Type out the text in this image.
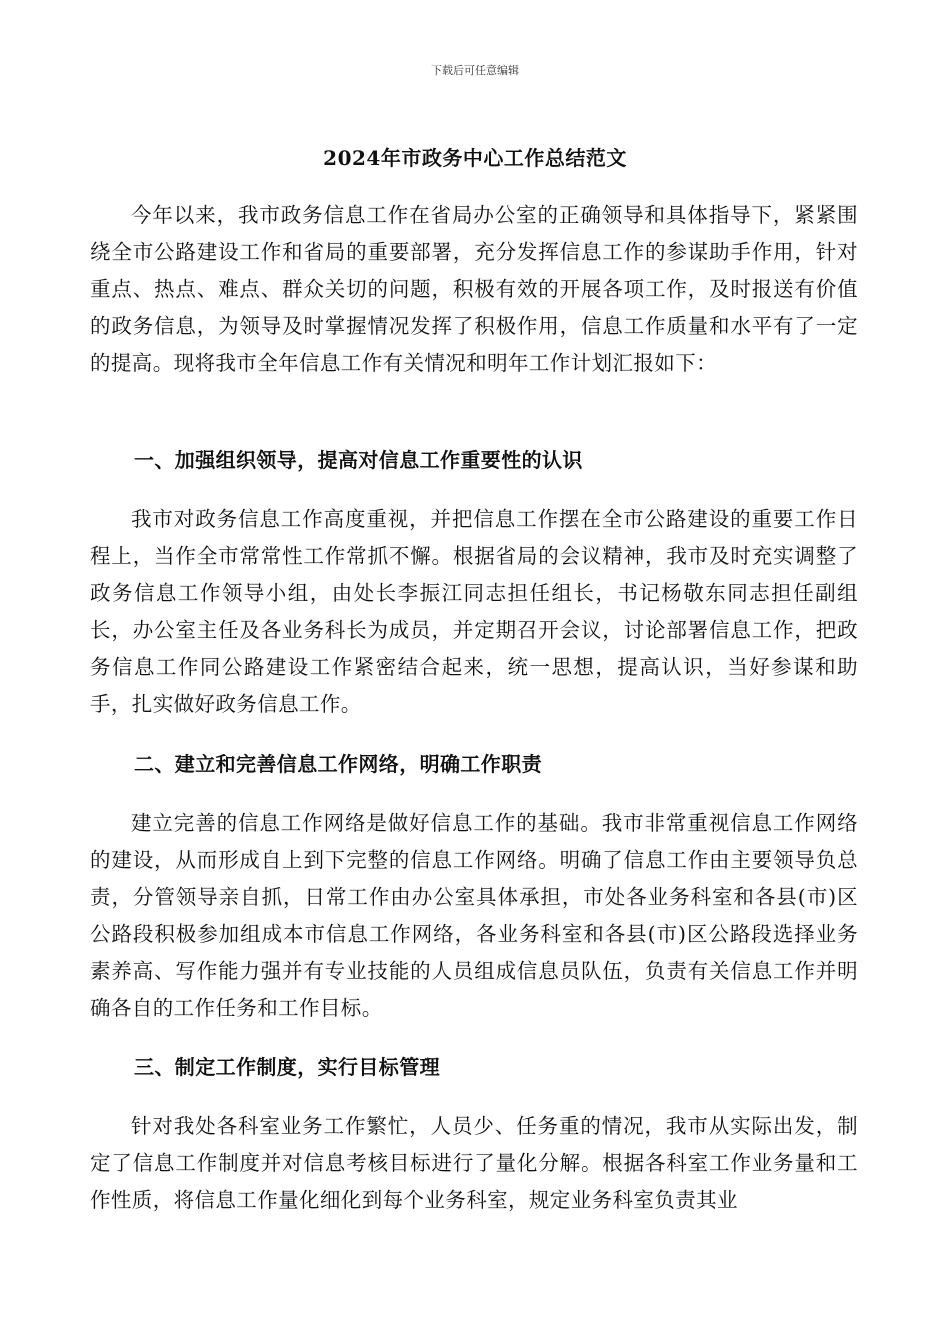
下载后可任意编辑
2024年市政务中心工作总结范文

今年以来，我市政务信息工作在省局办公室的正确领导和具体指导下，紧紧围绕全市公路建设工作和省局的重要部署，充分发挥信息工作的参谋助手作用，针对重点、热点、难点、群众关切的问题，积极有效的开展各项工作，及时报送有价值的政务信息，为领导及时掌握情况发挥了积极作用，信息工作质量和水平有了一定的提高。现将我市全年信息工作有关情况和明年工作计划汇报如下：

一、加强组织领导，提高对信息工作重要性的认识

我市对政务信息工作高度重视，并把信息工作摆在全市公路建设的重要工作日程上，当作全市常常性工作常抓不懈。根据省局的会议精神，我市及时充实调整了政务信息工作领导小组，由处长李振江同志担任组长，书记杨敬东同志担任副组长，办公室主任及各业务科长为成员，并定期召开会议，讨论部署信息工作，把政务信息工作同公路建设工作紧密结合起来，统一思想，提高认识，当好参谋和助手，扎实做好政务信息工作。

二、建立和完善信息工作网络，明确工作职责

建立完善的信息工作网络是做好信息工作的基础。我市非常重视信息工作网络的建设，从而形成自上到下完整的信息工作网络。明确了信息工作由主要领导负总责，分管领导亲自抓，日常工作由办公室具体承担，市处各业务科室和各县(市)区公路段积极参加组成本市信息工作网络，各业务科室和各县(市)区公路段选择业务素养高、写作能力强并有专业技能的人员组成信息员队伍，负责有关信息工作并明确各自的工作任务和工作目标。

三、制定工作制度，实行目标管理

针对我处各科室业务工作繁忙，人员少、任务重的情况，我市从实际出发，制定了信息工作制度并对信息考核目标进行了量化分解。根据各科室工作业务量和工作性质，将信息工作量化细化到每个业务科室，规定业务科室负责其业
